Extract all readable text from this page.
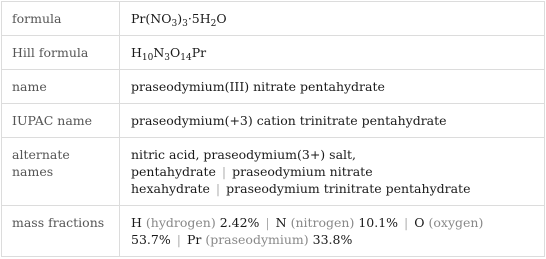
formula	$Pr(NO_3)_3\cdot 5H_2O$

Hill formula	$H_{10}N_3O_{14}Pr$

name	praseodymium(III) nitrate pentahydrate

IUPAC name	praseodymium(+3) cation trinitrate pentahydrate

alternate names	nitric acid, praseodymium(3+) salt, pentahydrate | praseodymium nitrate hexahydrate | praseodymium trinitrate pentahydrate

mass fractions	H (hydrogen) 2.42% | N (nitrogen) 10.1% | O (oxygen) 53.7% | Pr (praseodymium) 33.8%
